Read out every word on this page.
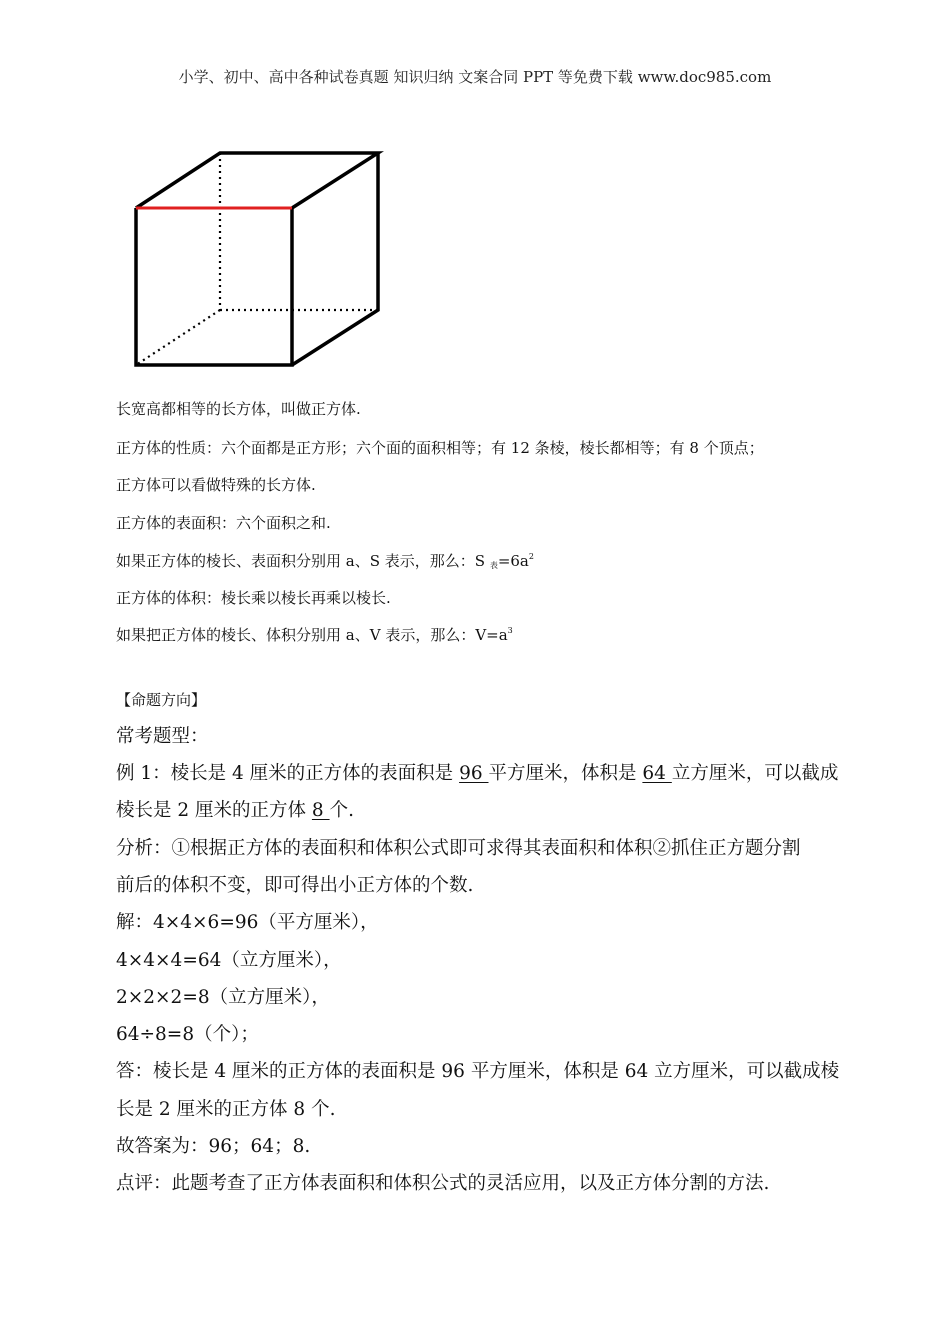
小学、初中、高中各种试卷真题 知识归纳 文案合同 PPT 等免费下载 www.doc985.com
长宽高都相等的长方体，叫做正方体.
正方体的性质：六个面都是正方形；六个面的面积相等；有 12 条棱，棱长都相等；有 8 个顶点；
正方体可以看做特殊的长方体.
正方体的表面积：六个面积之和.
如果正方体的棱长、表面积分别用 a、S 表示，那么：S $_表=6a^2$
正方体的体积：棱长乘以棱长再乘以棱长.
如果把正方体的棱长、体积分别用 a、V 表示，那么：$V=a^3$
【命题方向】
常考题型：
例 1：棱长是 4 厘米的正方体的表面积是 96 平方厘米，体积是 64 立方厘米，可以截成
棱长是 2 厘米的正方体 8 个.
分析：①根据正方体的表面积和体积公式即可求得其表面积和体积②抓住正方题分割
前后的体积不变，即可得出小正方体的个数.
解：4×4×6=96（平方厘米），
4×4×4=64（立方厘米），
2×2×2=8（立方厘米），
64÷8=8（个）；
答：棱长是 4 厘米的正方体的表面积是 96 平方厘米，体积是 64 立方厘米，可以截成棱
长是 2 厘米的正方体 8 个.
故答案为：96；64；8.
点评：此题考查了正方体表面积和体积公式的灵活应用，以及正方体分割的方法.
